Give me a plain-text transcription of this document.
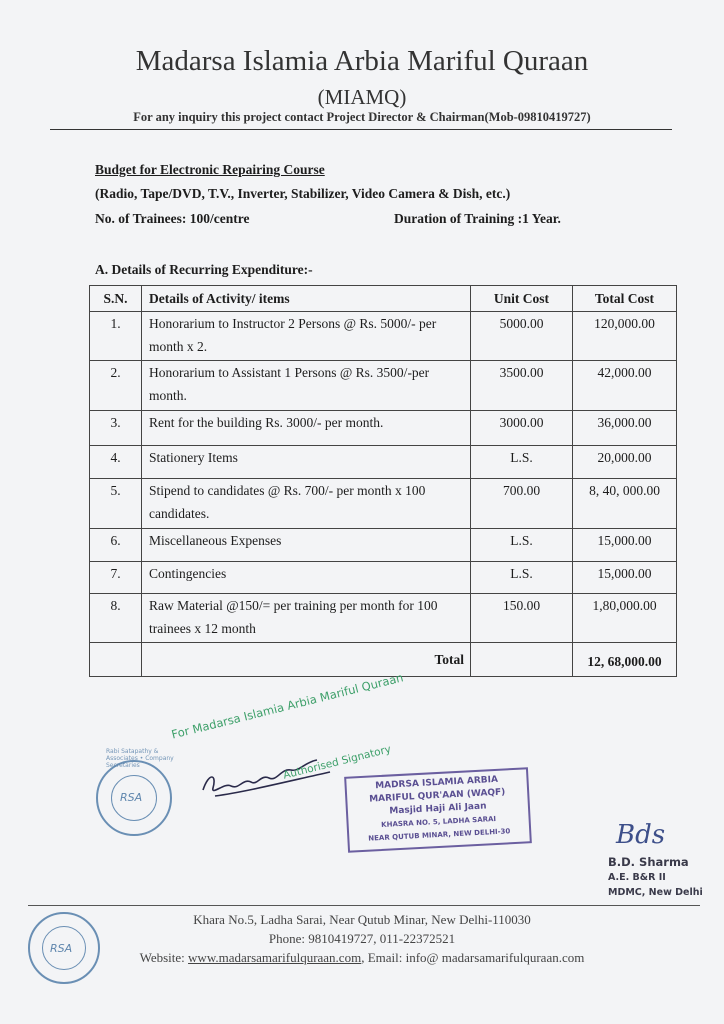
Madarsa Islamia Arbia Mariful Quraan
(MIAMQ)
For any inquiry this project contact Project Director & Chairman(Mob-09810419727)
Budget for Electronic Repairing Course
(Radio, Tape/DVD, T.V., Inverter, Stabilizer, Video Camera & Dish, etc.)
No. of Trainees: 100/centre	Duration of Training :1 Year.
A. Details of Recurring Expenditure:-
S.N.	Details of Activity/ items	Unit Cost	Total Cost
1.	Honorarium to Instructor 2 Persons @ Rs. 5000/- per month x 2.	5000.00	120,000.00
2.	Honorarium to Assistant 1 Persons @ Rs. 3500/-per month.	3500.00	42,000.00
3.	Rent for the building Rs. 3000/- per month.	3000.00	36,000.00
4.	Stationery Items	L.S.	20,000.00
5.	Stipend to candidates @ Rs. 700/- per month x 100 candidates.	700.00	8, 40, 000.00
6.	Miscellaneous Expenses	L.S.	15,000.00
7.	Contingencies	L.S.	15,000.00
8.	Raw Material @150/= per training per month for 100 trainees x 12 month	150.00	1,80,000.00
	Total		12, 68,000.00
RSA
Rabi Satapathy & Associates • Company Secretaries
For Madarsa Islamia Arbia Mariful Quraan
Authorised Signatory
MADRSA ISLAMIA ARBIA
MARIFUL QUR'AAN (WAQF)
Masjid Haji Ali Jaan
KHASRA NO. 5, LADHA SARAI
NEAR QUTUB MINAR, NEW DELHI-30	Bds
B.D. Sharma
A.E. B&R II
MDMC, New Delhi
RSA
Khara No.5, Ladha Sarai, Near Qutub Minar, New Delhi-110030
Phone: 9810419727, 011-22372521
Website: www.madarsamarifulquraan.com, Email: info@ madarsamarifulquraan.com
